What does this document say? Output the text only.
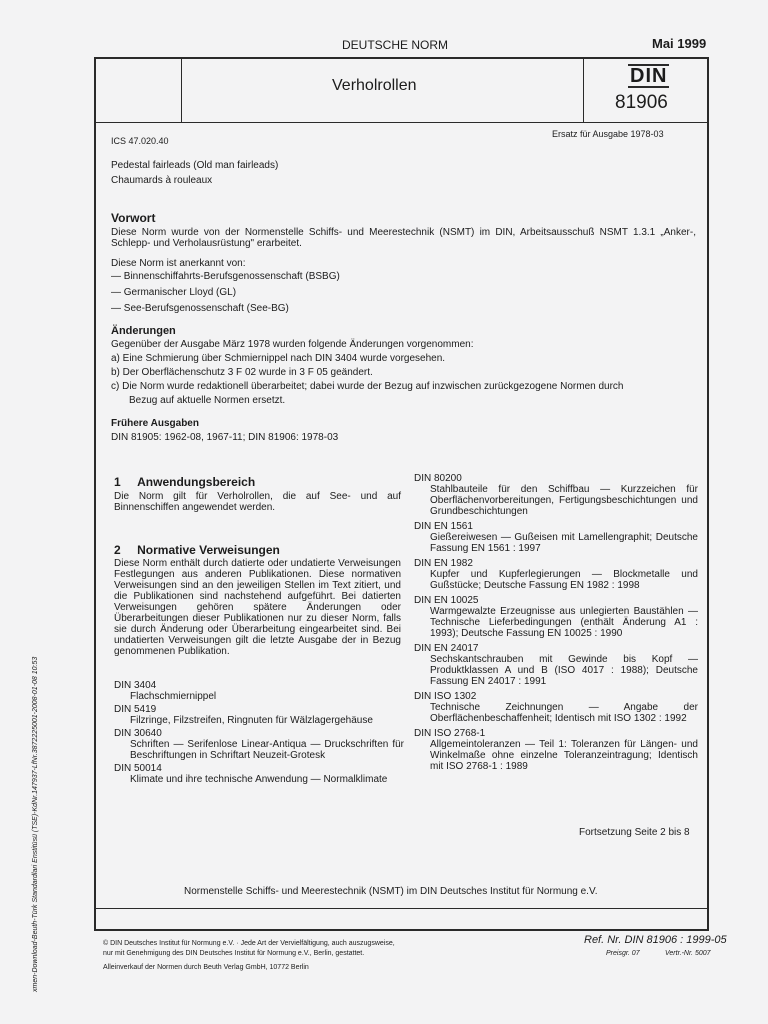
DEUTSCHE NORM	Mai 1999
Verholrollen	DIN
81906
ICS 47.020.40
Ersatz für Ausgabe 1978-03
Pedestal fairleads (Old man fairleads)
Chaumards à rouleaux
Vorwort
Diese Norm wurde von der Normenstelle Schiffs- und Meerestechnik (NSMT) im DIN, Arbeitsausschuß NSMT 1.3.1 „Anker-, Schlepp- und Verholausrüstung" erarbeitet.
Diese Norm ist anerkannt von:
— Binnenschiffahrts-Berufsgenossenschaft (BSBG)
— Germanischer Lloyd (GL)
— See-Berufsgenossenschaft (See-BG)
Änderungen
Gegenüber der Ausgabe März 1978 wurden folgende Änderungen vorgenommen:
a) Eine Schmierung über Schmiernippel nach DIN 3404 wurde vorgesehen.
b) Der Oberflächenschutz 3 F 02 wurde in 3 F 05 geändert.
c) Die Norm wurde redaktionell überarbeitet; dabei wurde der Bezug auf inzwischen zurückgezogene Normen durch
Bezug auf aktuelle Normen ersetzt.
Frühere Ausgaben
DIN 81905: 1962-08, 1967-11; DIN 81906: 1978-03
1 Anwendungsbereich
Die Norm gilt für Verholrollen, die auf See- und auf Binnenschiffen angewendet werden.
2 Normative Verweisungen
Diese Norm enthält durch datierte oder undatierte Verweisungen Festlegungen aus anderen Publikationen. Diese normativen Verweisungen sind an den jeweiligen Stellen im Text zitiert, und die Publikationen sind nachstehend aufgeführt. Bei datierten Verweisungen gehören spätere Änderungen oder Überarbeitungen dieser Publikationen nur zu dieser Norm, falls sie durch Änderung oder Überarbeitung eingearbeitet sind. Bei undatierten Verweisungen gilt die letzte Ausgabe der in Bezug genommenen Publikation.
DIN 3404
Flachschmiernippel
DIN 5419
Filzringe, Filzstreifen, Ringnuten für Wälzlagergehäuse
DIN 30640
Schriften — Serifenlose Linear-Antiqua — Druckschriften für Beschriftungen in Schriftart Neuzeit-Grotesk
DIN 50014
Klimate und ihre technische Anwendung — Normalklimate
DIN 80200
Stahlbauteile für den Schiffbau — Kurzzeichen für Oberflächenvorbereitungen, Fertigungsbeschichtungen und Grundbeschichtungen
DIN EN 1561
Gießereiwesen — Gußeisen mit Lamellengraphit; Deutsche Fassung EN 1561 : 1997
DIN EN 1982
Kupfer und Kupferlegierungen — Blockmetalle und Gußstücke; Deutsche Fassung EN 1982 : 1998
DIN EN 10025
Warmgewalzte Erzeugnisse aus unlegierten Baustählen — Technische Lieferbedingungen (enthält Änderung A1 : 1993); Deutsche Fassung EN 10025 : 1990
DIN EN 24017
Sechskantschrauben mit Gewinde bis Kopf — Produktklassen A und B (ISO 4017 : 1988); Deutsche Fassung EN 24017 : 1991
DIN ISO 1302
Technische Zeichnungen — Angabe der Oberflächenbeschaffenheit; Identisch mit ISO 1302 : 1992
DIN ISO 2768-1
Allgemeintoleranzen — Teil 1: Toleranzen für Längen- und Winkelmaße ohne einzelne Toleranzeintragung; Identisch mit ISO 2768-1 : 1989
Fortsetzung Seite 2 bis 8
Normenstelle Schiffs- und Meerestechnik (NSMT) im DIN Deutsches Institut für Normung e.V.
© DIN Deutsches Institut für Normung e.V. · Jede Art der Vervielfältigung, auch auszugsweise,
nur mit Genehmigung des DIN Deutsches Institut für Normung e.V., Berlin, gestattet.
Alleinverkauf der Normen durch Beuth Verlag GmbH, 10772 Berlin
Ref. Nr. DIN 81906 : 1999-05
Preisgr. 07	Vertr.-Nr. 5007
xmen-Download-Beuth-Türk Standardlari Enstitüsü (TSE)-KdNr.147937-LfNr.3872225001-2008-01-08 10:53
